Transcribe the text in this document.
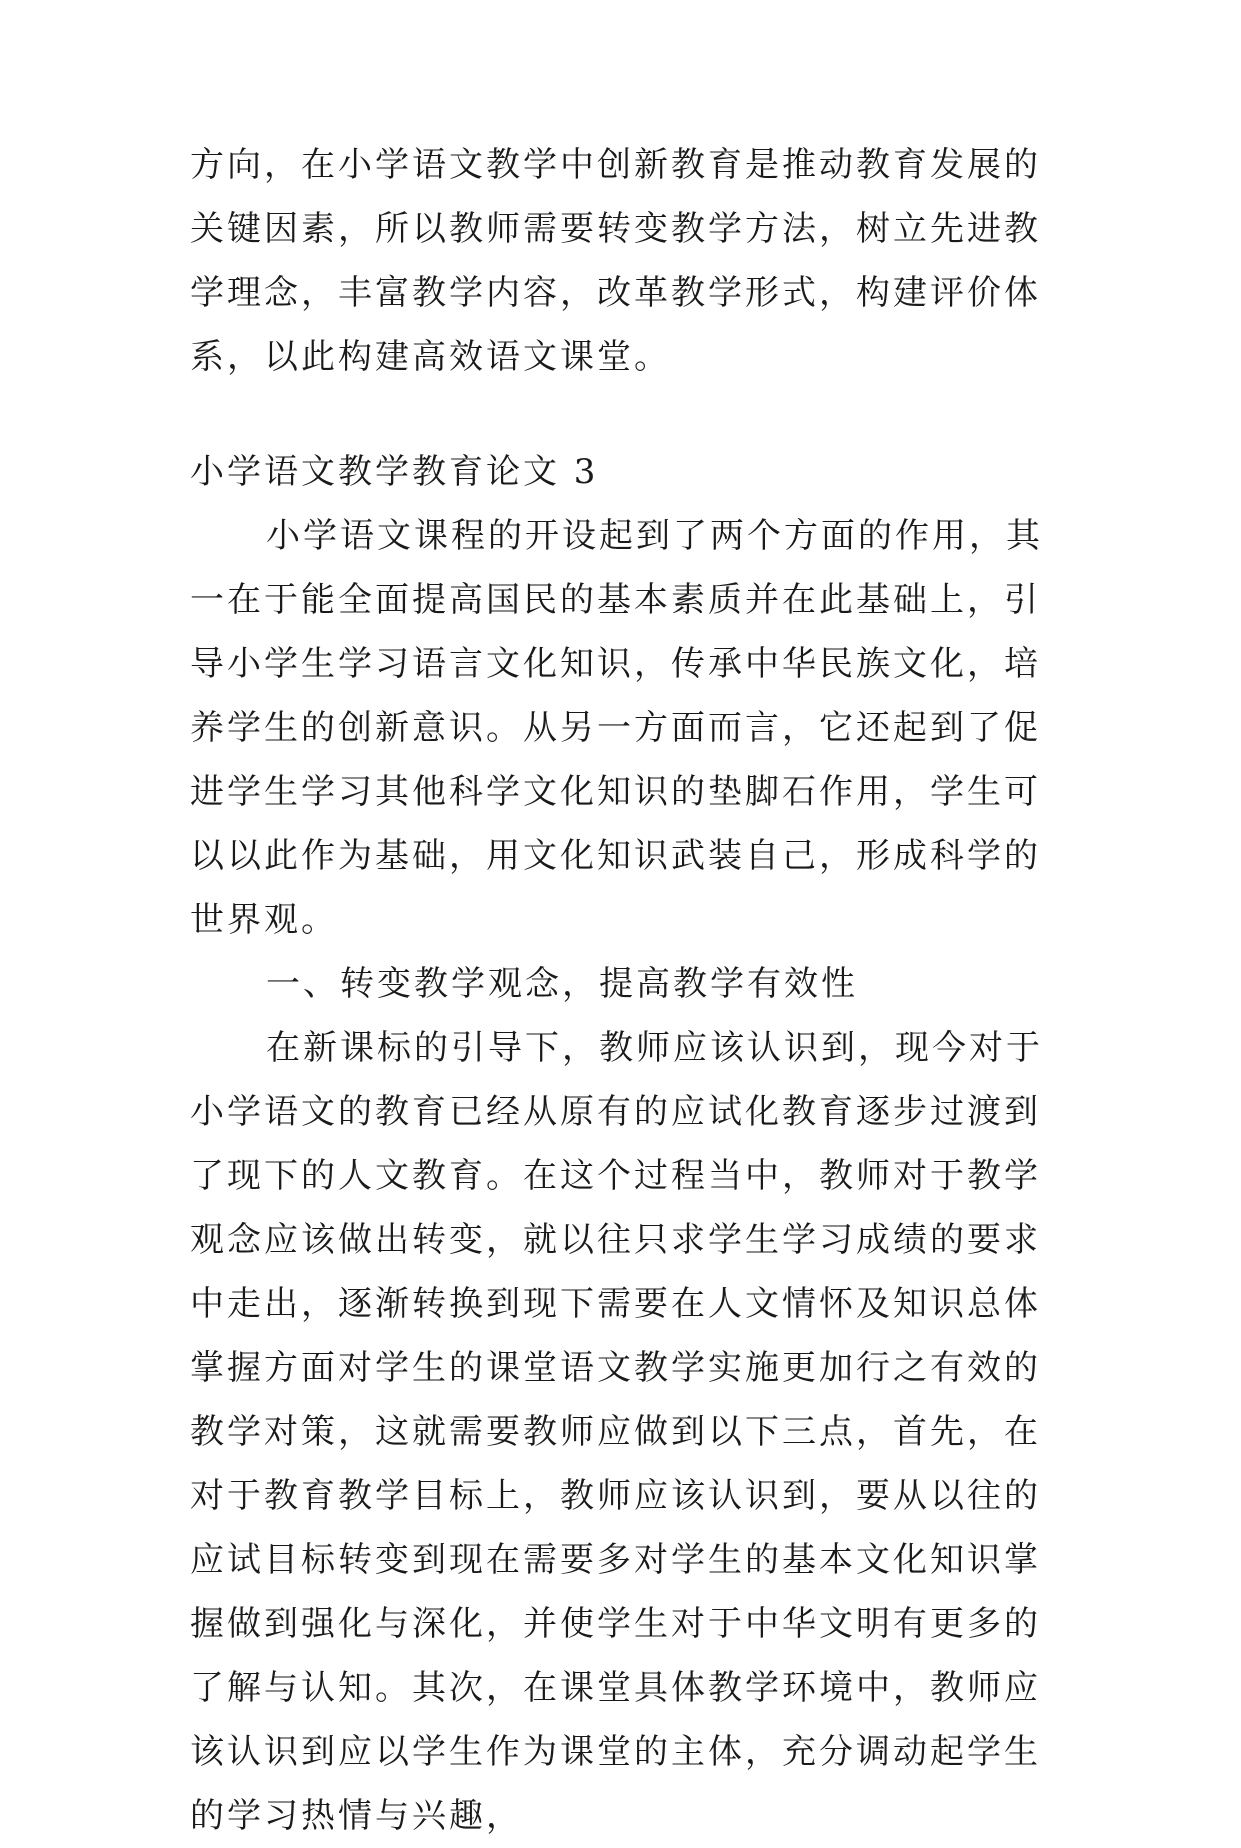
方向，在小学语文教学中创新教育是推动教育发展的关键因素，所以教师需要转变教学方法，树立先进教学理念，丰富教学内容，改革教学形式，构建评价体系，以此构建高效语文课堂。

小学语文教学教育论文 3

小学语文课程的开设起到了两个方面的作用，其一在于能全面提高国民的基本素质并在此基础上，引导小学生学习语言文化知识，传承中华民族文化，培养学生的创新意识。从另一方面而言，它还起到了促进学生学习其他科学文化知识的垫脚石作用，学生可以以此作为基础，用文化知识武装自己，形成科学的世界观。

一、转变教学观念，提高教学有效性

在新课标的引导下，教师应该认识到，现今对于小学语文的教育已经从原有的应试化教育逐步过渡到了现下的人文教育。在这个过程当中，教师对于教学观念应该做出转变，就以往只求学生学习成绩的要求中走出，逐渐转换到现下需要在人文情怀及知识总体掌握方面对学生的课堂语文教学实施更加行之有效的教学对策，这就需要教师应做到以下三点，首先，在对于教育教学目标上，教师应该认识到，要从以往的应试目标转变到现在需要多对学生的基本文化知识掌握做到强化与深化，并使学生对于中华文明有更多的了解与认知。其次，在课堂具体教学环境中，教师应该认识到应以学生作为课堂的主体，充分调动起学生的学习热情与兴趣，
